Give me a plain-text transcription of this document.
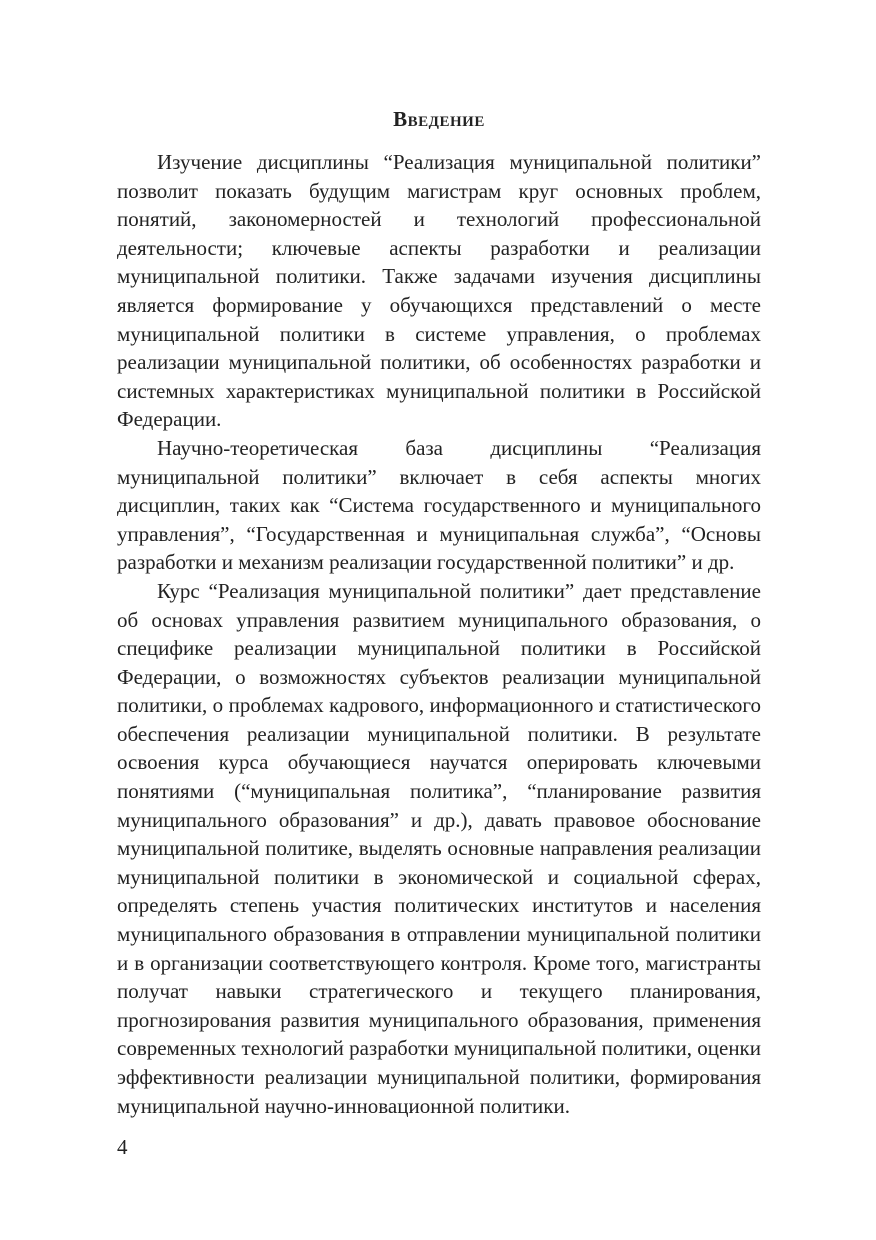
Введение

Изучение дисциплины “Реализация муниципальной политики” позволит показать будущим магистрам круг основных проблем, понятий, закономерностей и технологий профессиональной деятельности; ключевые аспекты разработки и реализации муниципальной политики. Также задачами изучения дисциплины является формирование у обучающихся представлений о месте муниципальной политики в системе управления, о проблемах реализации муниципальной политики, об особенностях разработки и системных характеристиках муниципальной политики в Российской Федерации.

Научно-теоретическая база дисциплины “Реализация муниципальной политики” включает в себя аспекты многих дисциплин, таких как “Система государственного и муниципального управления”, “Государственная и муниципальная служба”, “Основы разработки и механизм реализации государственной политики” и др.

Курс “Реализация муниципальной политики” дает представление об основах управления развитием муниципального образования, о специфике реализации муниципальной политики в Российской Федерации, о возможностях субъектов реализации муниципальной политики, о проблемах кадрового, информационного и статистического обеспечения реализации муниципальной политики. В результате освоения курса обучающиеся научатся оперировать ключевыми понятиями (“муниципальная политика”, “планирование развития муниципального образования” и др.), давать правовое обоснование муниципальной политике, выделять основные направления реализации муниципальной политики в экономической и социальной сферах, определять степень участия политических институтов и населения муниципального образования в отправлении муниципальной политики и в организации соответствующего контроля. Кроме того, магистранты получат навыки стратегического и текущего планирования, прогнозирования развития муниципального образования, применения современных технологий разработки муниципальной политики, оценки эффективности реализации муниципальной политики, формирования муниципальной научно-инновационной политики.

4
